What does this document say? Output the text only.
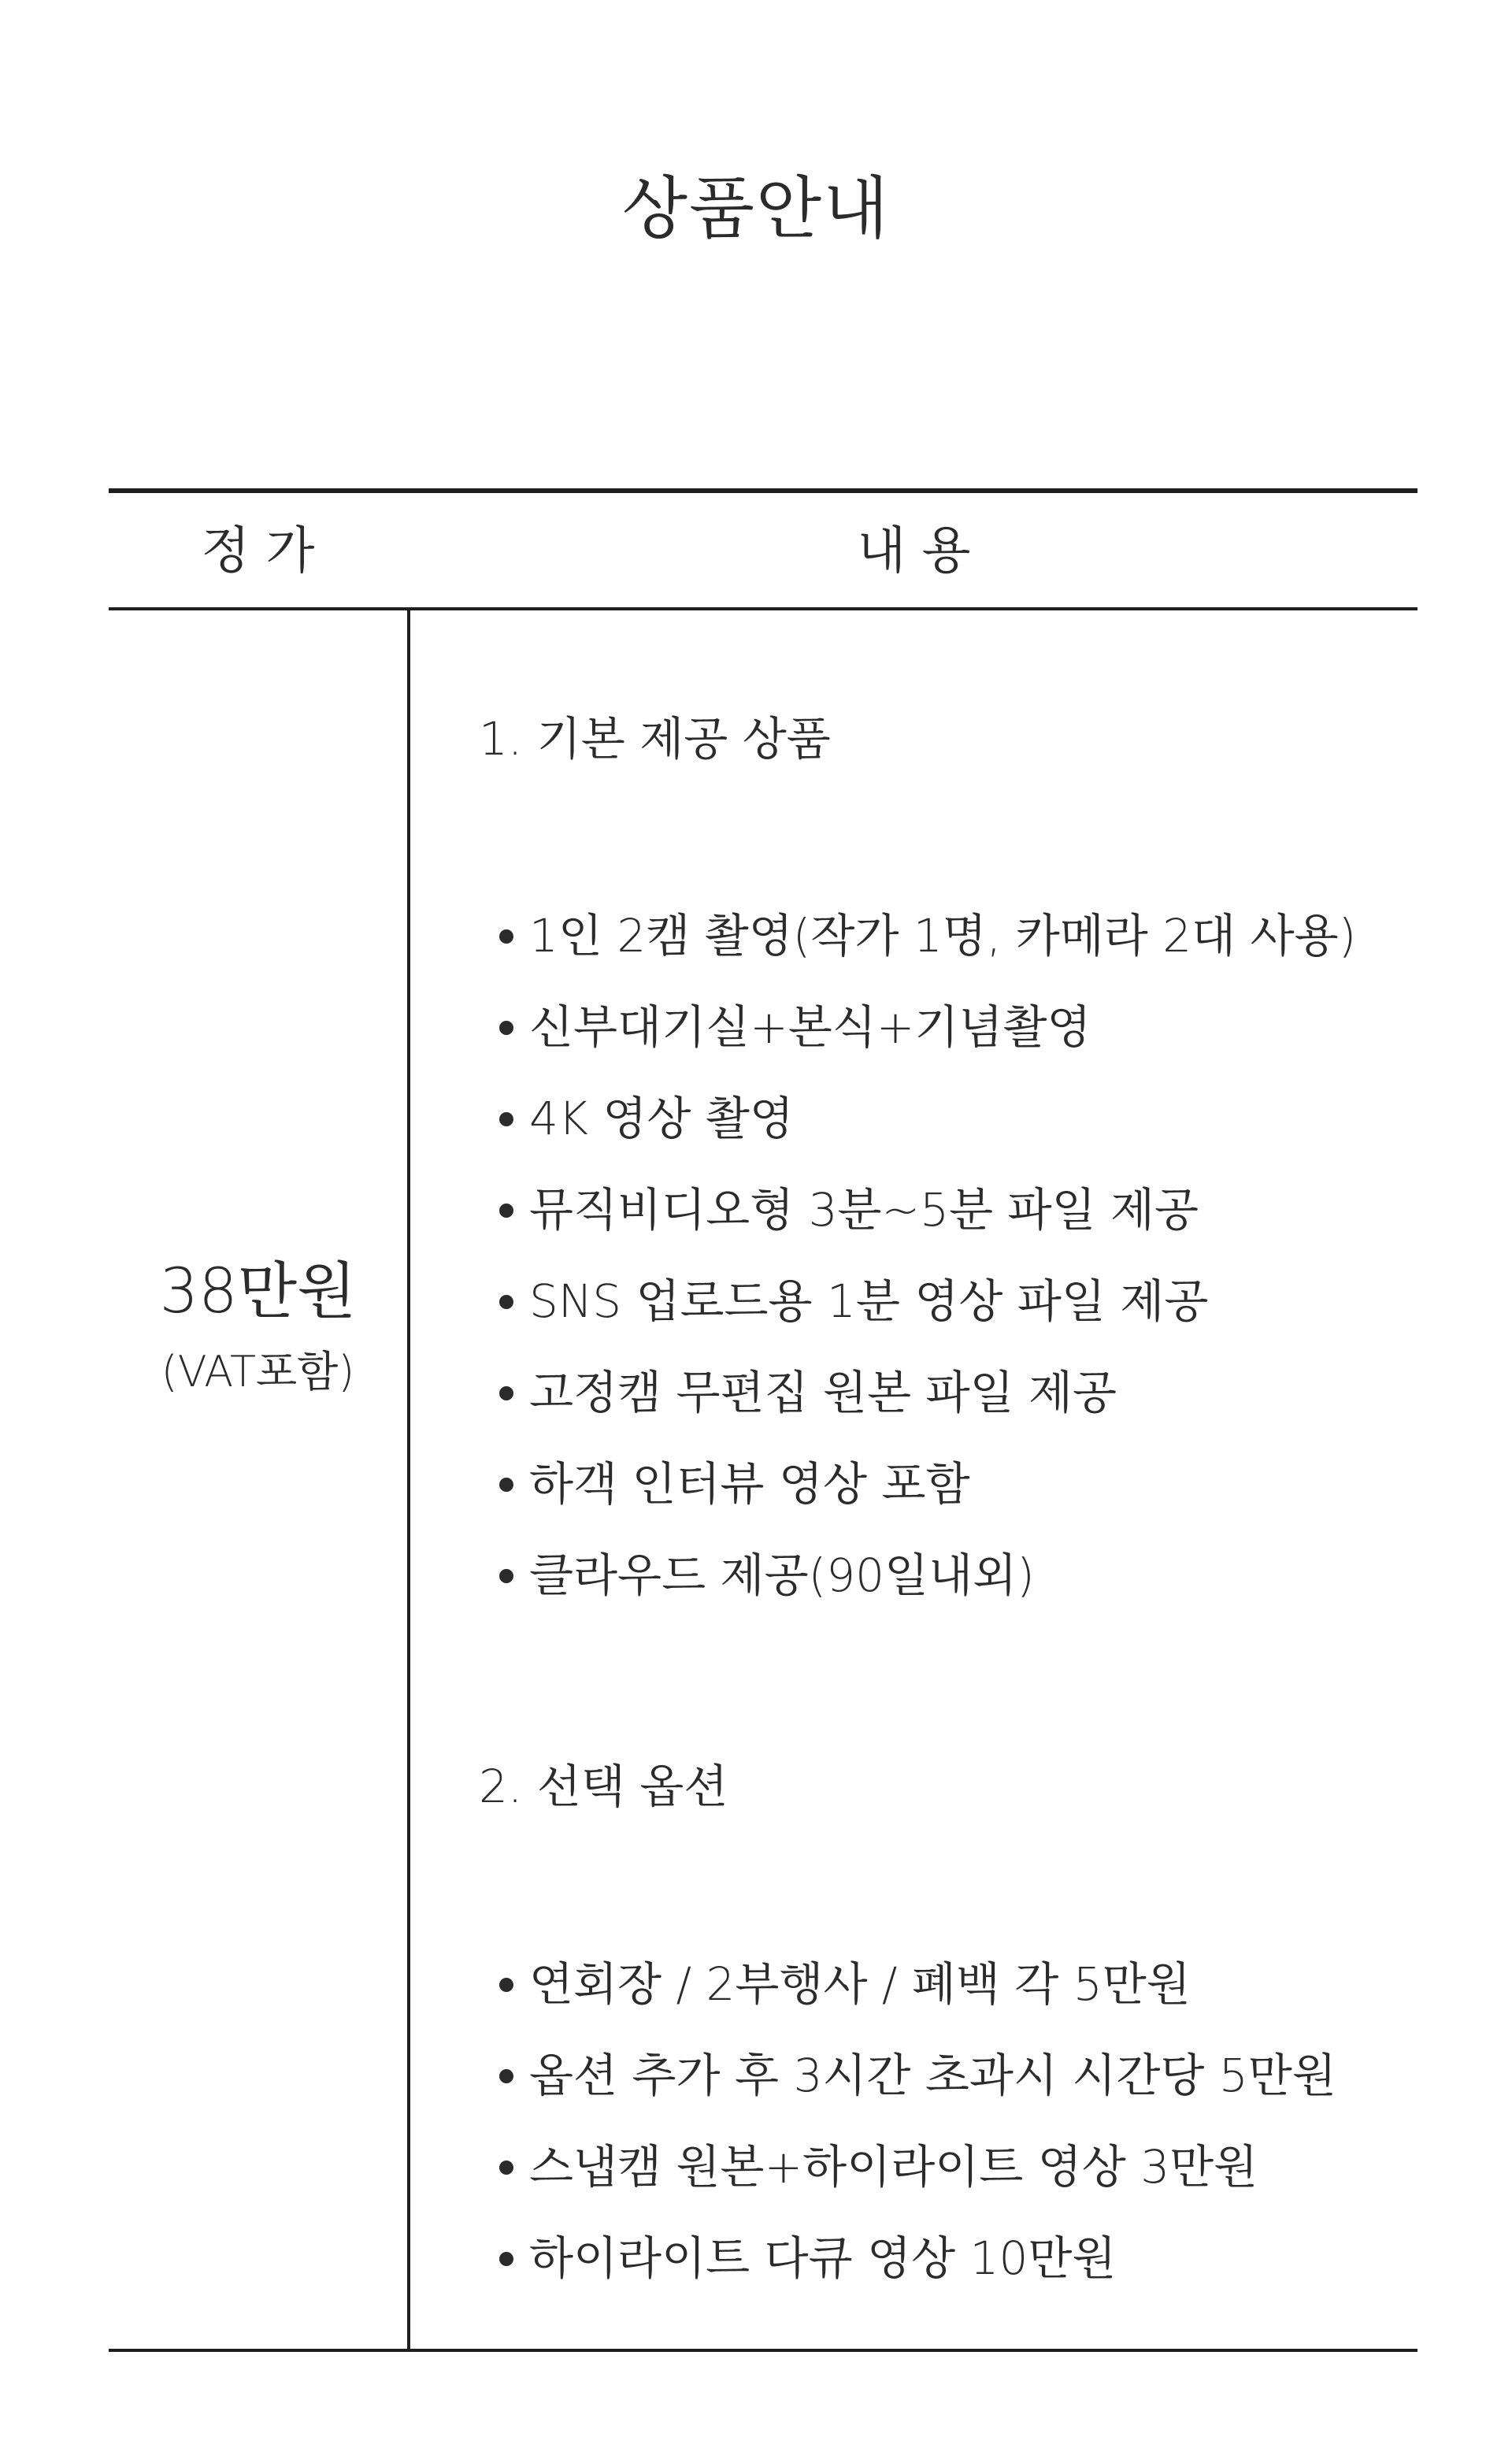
상품안내
정 가	내 용
38만원
(VAT포함)
1. 기본 제공 상품
1인 2캠 촬영(작가 1명, 카메라 2대 사용)
신부대기실+본식+기념촬영
4K 영상 촬영
뮤직비디오형 3분~5분 파일 제공
SNS 업로드용 1분 영상 파일 제공
고정캠 무편집 원본 파일 제공
하객 인터뷰 영상 포함
클라우드 제공(90일내외)
2. 선택 옵션
연회장 / 2부행사 / 폐백 각 5만원
옵션 추가 후 3시간 초과시 시간당 5만원
스냅캠 원본+하이라이트 영상 3만원
하이라이트 다큐 영상 10만원
